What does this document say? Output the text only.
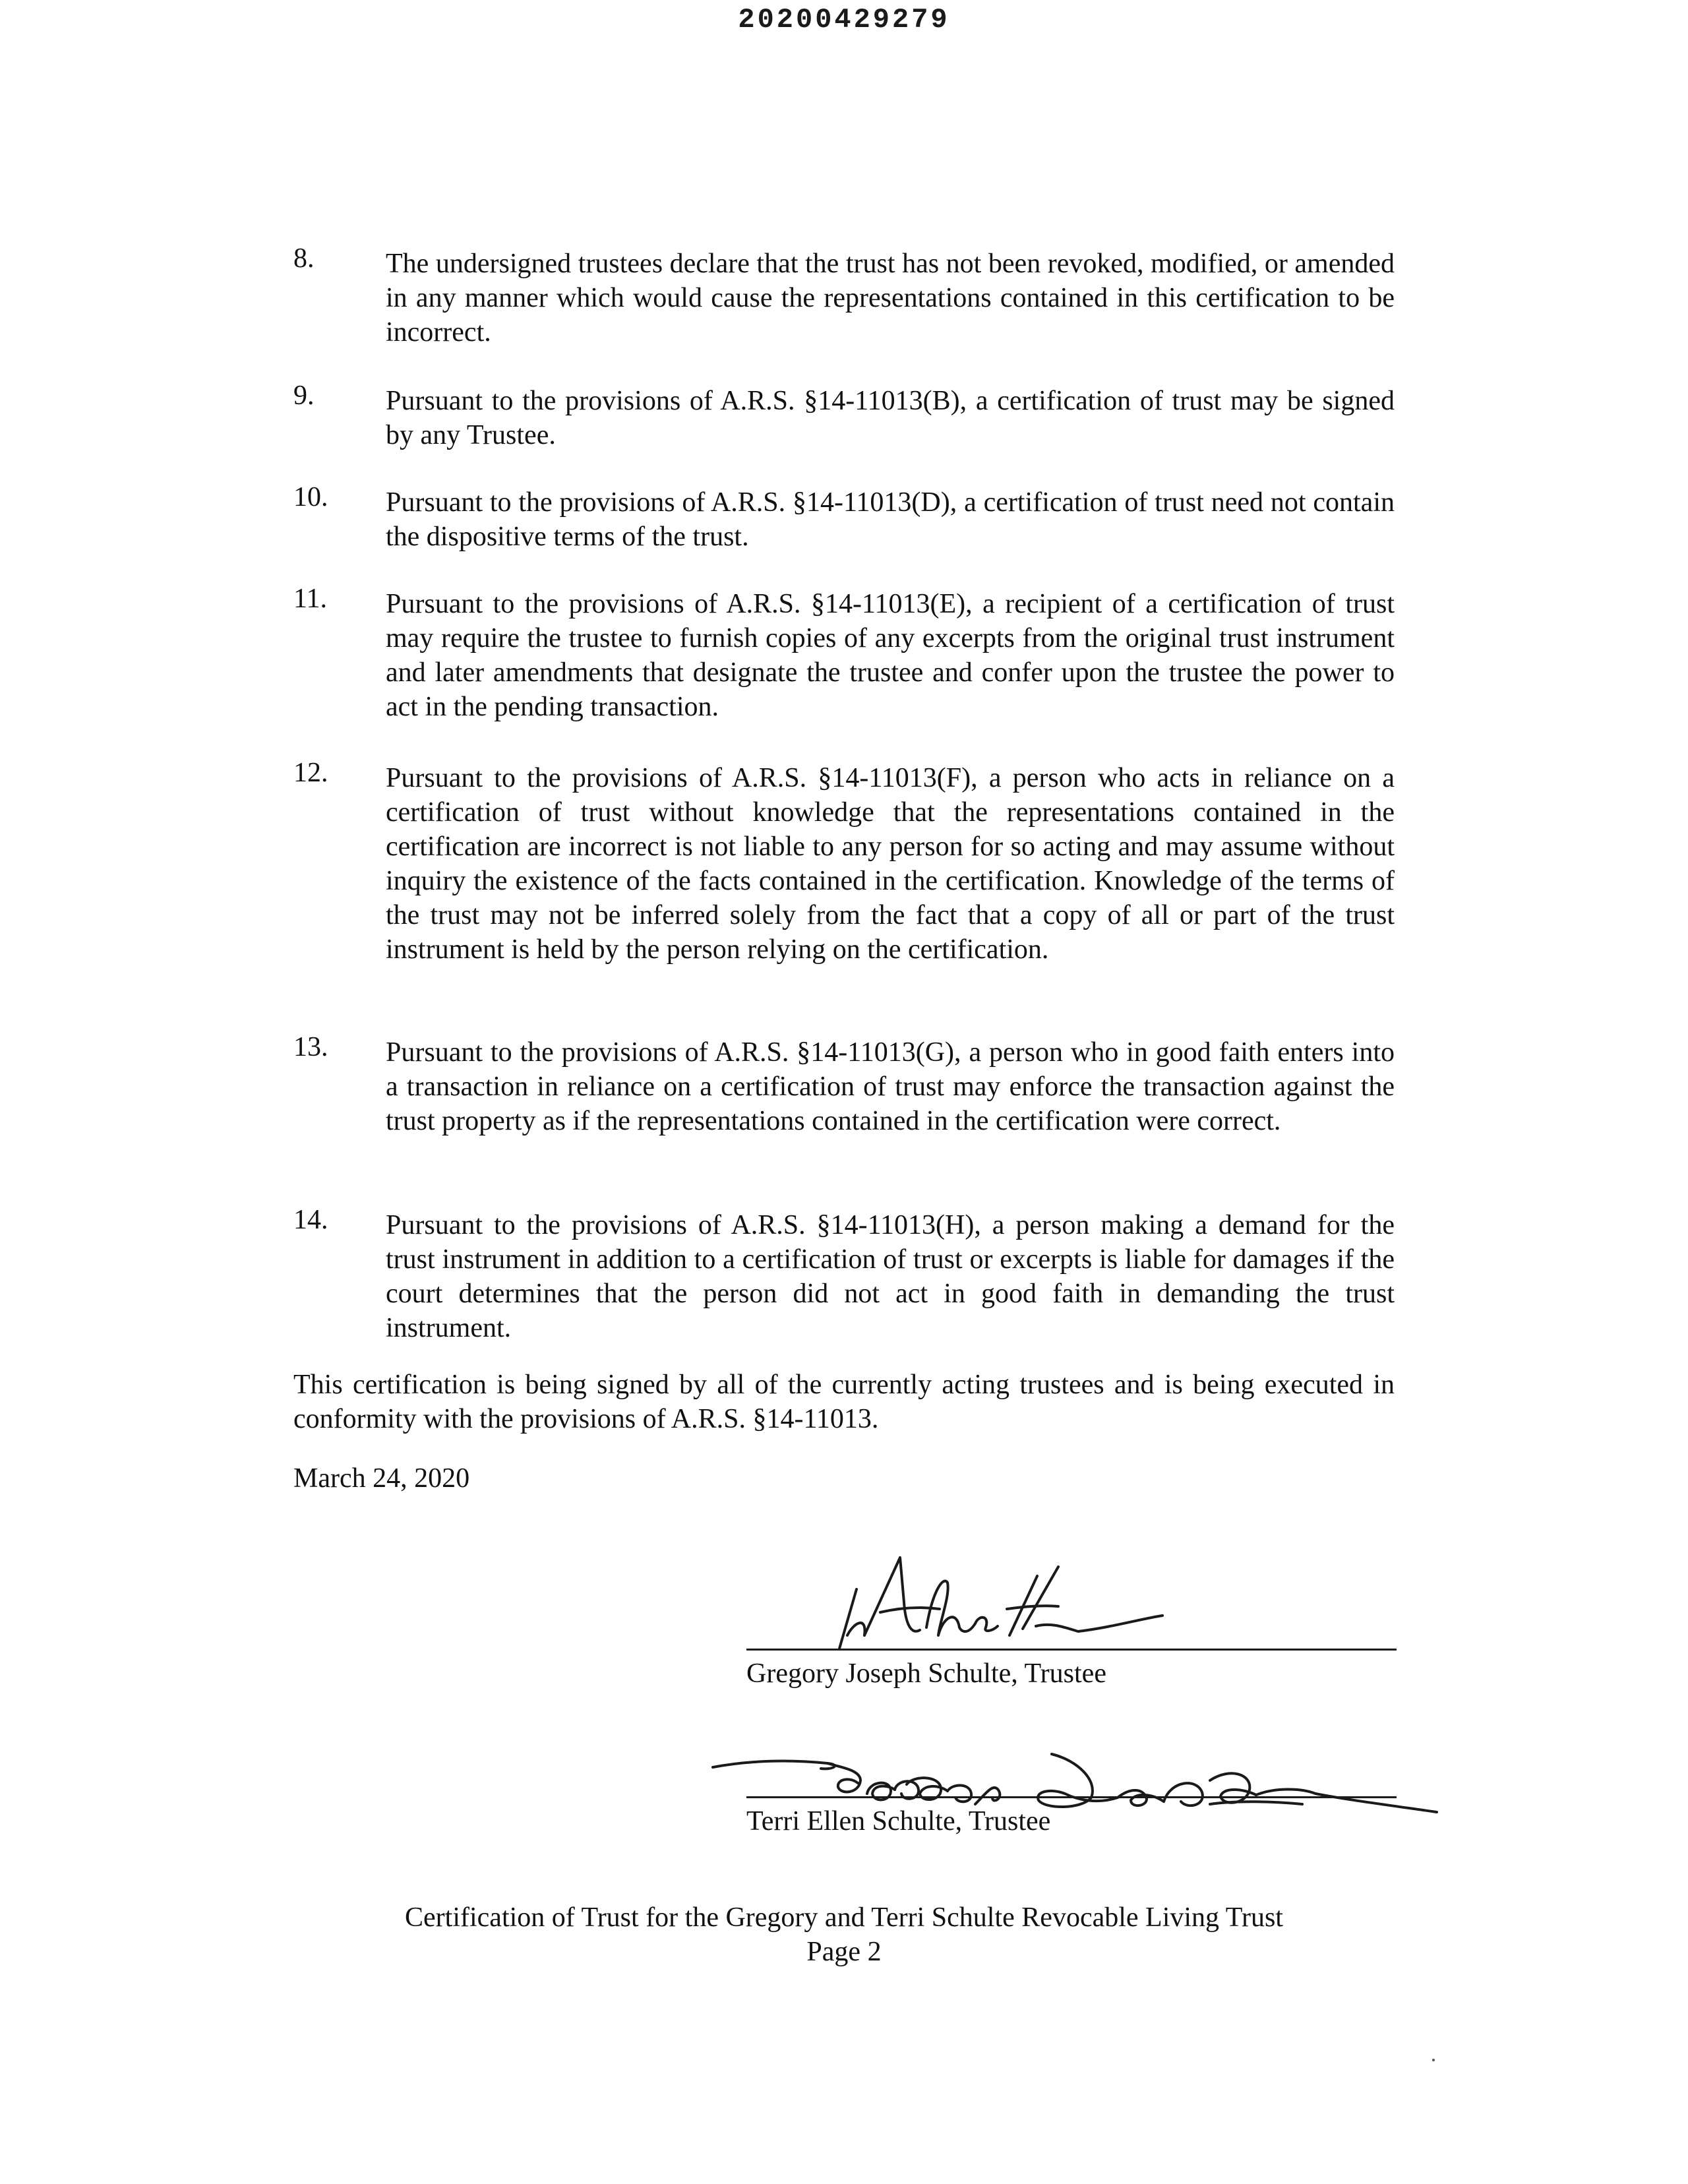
20200429279
8.	The undersigned trustees declare that the trust has not been revoked, modified, or amended in any manner which would cause the representations contained in this certification to be incorrect.
9.	Pursuant to the provisions of A.R.S. §14-11013(B), a certification of trust may be signed by any Trustee.
10. Pursuant to the provisions of A.R.S. §14-11013(D), a certification of trust need not contain the dispositive terms of the trust.
11. Pursuant to the provisions of A.R.S. §14-11013(E), a recipient of a certification of trust may require the trustee to furnish copies of any excerpts from the original trust instrument and later amendments that designate the trustee and confer upon the trustee the power to act in the pending transaction.
12. Pursuant to the provisions of A.R.S. §14-11013(F), a person who acts in reliance on a certification of trust without knowledge that the representations contained in the certification are incorrect is not liable to any person for so acting and may assume without inquiry the existence of the facts contained in the certification. Knowledge of the terms of the trust may not be inferred solely from the fact that a copy of all or part of the trust instrument is held by the person relying on the certification.
13. Pursuant to the provisions of A.R.S. §14-11013(G), a person who in good faith enters into a transaction in reliance on a certification of trust may enforce the transaction against the trust property as if the representations contained in the certification were correct.
14. Pursuant to the provisions of A.R.S. §14-11013(H), a person making a demand for the trust instrument in addition to a certification of trust or excerpts is liable for damages if the court determines that the person did not act in good faith in demanding the trust instrument.
This certification is being signed by all of the currently acting trustees and is being executed in conformity with the provisions of A.R.S. §14-11013.
March 24, 2020
Gregory Joseph Schulte, Trustee
Terri Ellen Schulte, Trustee
Certification of Trust for the Gregory and Terri Schulte Revocable Living Trust
Page 2
